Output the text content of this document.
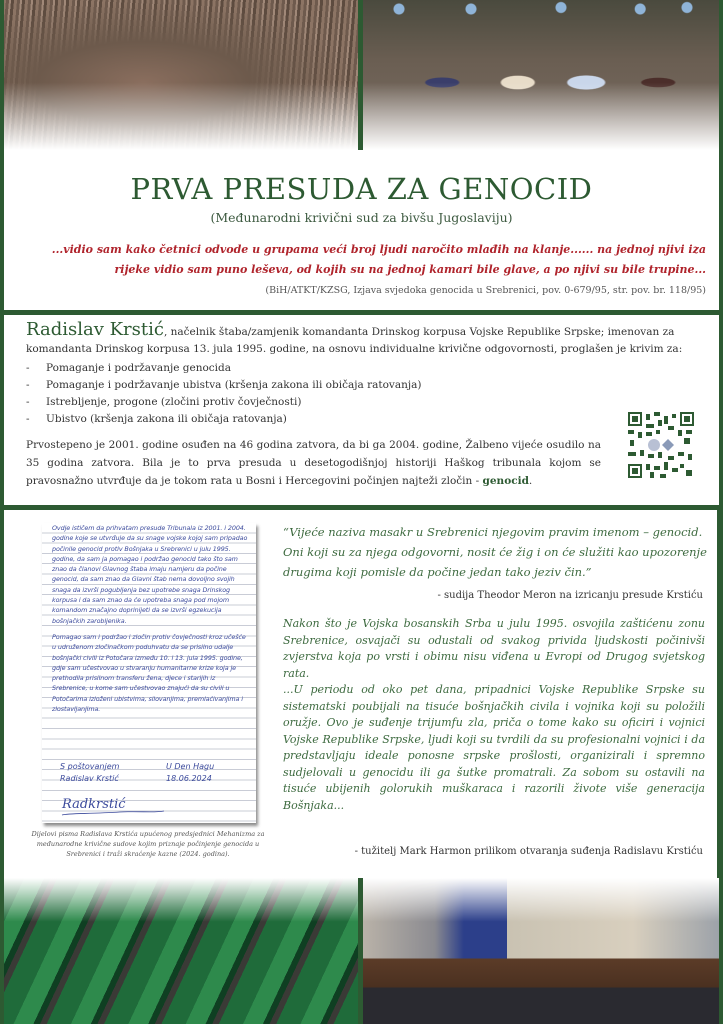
PRVA PRESUDA ZA GENOCID

(Međunarodni krivični sud za bivšu Jugoslaviju)

...vidio sam kako četnici odvode u grupama veći broj ljudi naročito mlađih na klanje...... na jednoj njivi iza
rijeke vidio sam puno leševa, od kojih su na jednoj kamari bile glave, a po njivi su bile trupine...
(BiH/ATKT/KZSG, Izjava svjedoka genocida u Srebrenici, pov. 0-679/95, str. pov. br. 118/95)
Radislav Krstić, načelnik štaba/zamjenik komandanta Drinskog korpusa Vojske Republike Srpske; imenovan za komandanta Drinskog korpusa 13. jula 1995. godine, na osnovu individualne krivične odgovornosti, proglašen je krivim za:
- Pomaganje i podržavanje genocida
- Pomaganje i podržavanje ubistva (kršenja zakona ili običaja ratovanja)
- Istrebljenje, progone (zločini protiv čovječnosti)
- Ubistvo (kršenja zakona ili običaja ratovanja)
Prvostepeno je 2001. godine osuđen na 46 godina zatvora, da bi ga 2004. godine, Žalbeno vijeće osudilo na 35 godina zatvora. Bila je to prva presuda u desetogodišnjoj historiji Haškog tribunala kojom se pravosnažno utvrđuje da je tokom rata u Bosni i Hercegovini počinjen najteži zločin - genocid.

Ovdje ističem da prihvatam presude Tribunala iz 2001. i 2004. godine koje se utvrđuje da su snage vojske kojoj sam pripadao počinile genocid protiv Bošnjaka u Srebrenici u julu 1995. godine, da sam ja pomagao i podržao genocid tako što sam znao da članovi Glavnog štaba imaju namjeru da počine genocid, da sam znao da Glavni štab nema dovoljno svojih snaga da izvrši pogubljenja bez upotrebe snaga Drinskog korpusa i da sam znao da će upotreba snaga pod mojom komandom značajno doprinijeti da se izvrši egzekucija bošnjačkih zarobljenika.

Pomagao sam i podržao i zločin protiv čovječnosti kroz učešće u udruženom zločinačkom poduhvatu da se prisilno udalje bošnjački civili iz Potočara između 10. i 13. jula 1995. godine, gdje sam učestvovao u stvaranju humanitarne krize koja je prethodila prisilnom transferu žena, djece i starijih iz Srebrenice, u kome sam učestvovao znajući da su civili u Potočarima izloženi ubistvima, silovanjima, premlaćivanjima i zlostavljanjima.

S poštovanjem
Radislav Krstić
U Den Hagu
18.06.2024
Radkrstić
Dijelovi pisma Radislava Krstića upućenog predsjednici Mehanizma za međunarodne krivične sudove kojim priznaje počinjenje genocida u Srebrenici i traži skraćenje kazne (2024. godina).
“Vijeće naziva masakr u Srebrenici njegovim pravim imenom – genocid. Oni koji su za njega odgovorni, nosit će žig i on će služiti kao upozorenje drugima koji pomisle da počine jedan tako jeziv čin.”
- sudija Theodor Meron na izricanju presude Krstiću

Nakon što je Vojska bosanskih Srba u julu 1995. osvojila zaštićenu zonu Srebrenice, osvajači su odustali od svakog privida ljudskosti počinivši zvjerstva koja po vrsti i obimu nisu viđena u Evropi od Drugog svjetskog rata.

...U periodu od oko pet dana, pripadnici Vojske Republike Srpske su sistematski poubijali na tisuće bošnjačkih civila i vojnika koji su položili oružje. Ovo je suđenje trijumfu zla, priča o tome kako su oficiri i vojnici Vojske Republike Srpske, ljudi koji su tvrdili da su profesionalni vojnici i da predstavljaju ideale ponosne srpske prošlosti, organizirali i spremno sudjelovali u genocidu ili ga šutke promatrali. Za sobom su ostavili na tisuće ubijenih golorukih muškaraca i razorili živote više generacija Bošnjaka...

- tužitelj Mark Harmon prilikom otvaranja suđenja Radislavu Krstiću
